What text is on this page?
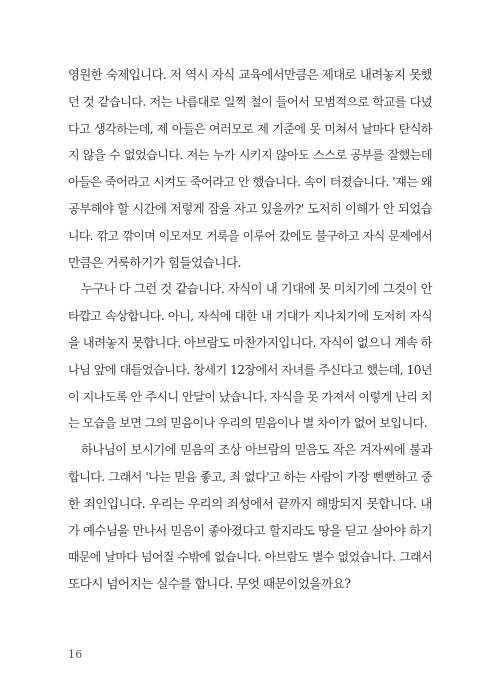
영원한 숙제입니다. 저 역시 자식 교육에서만큼은 제대로 내려놓지 못했
던 것 같습니다. 저는 나름대로 일찍 철이 들어서 모범적으로 학교를 다녔
다고 생각하는데, 제 아들은 여러모로 제 기준에 못 미쳐서 날마다 탄식하
지 않을 수 없었습니다. 저는 누가 시키지 않아도 스스로 공부를 잘했는데
아들은 죽어라고 시켜도 죽어라고 안 했습니다. 속이 터졌습니다. '쟤는 왜
공부해야 할 시간에 저렇게 잠을 자고 있을까?' 도저히 이해가 안 되었습
니다. 깎고 깎이며 이모저모 거룩을 이루어 갔에도 불구하고 자식 문제에서
만큼은 거룩하기가 힘들었습니다.
누구나 다 그런 것 같습니다. 자식이 내 기대에 못 미치기에 그것이 안
타깝고 속상합니다. 아니, 자식에 대한 내 기대가 지나치기에 도저히 자식
을 내려놓지 못합니다. 아브람도 마찬가지입니다. 자식이 없으니 계속 하
나님 앞에 대들었습니다. 창세기 12장에서 자녀를 주신다고 했는데, 10년
이 지나도록 안 주시니 안달이 났습니다. 자식을 못 가져서 이렇게 난리 치
는 모습을 보면 그의 믿음이나 우리의 믿음이나 별 차이가 없어 보입니다.
하나님이 보시기에 믿음의 조상 아브람의 믿음도 작은 겨자씨에 불과
합니다. 그래서 '나는 믿음 좋고, 죄 없다'고 하는 사람이 가장 뻔뻔하고 중
한 죄인입니다. 우리는 우리의 죄성에서 끝까지 해방되지 못합니다. 내
가 예수님을 만나서 믿음이 좋아졌다고 할지라도 땅을 딛고 살아야 하기
때문에 날마다 넘어질 수밖에 없습니다. 아브람도 별수 없었습니다. 그래서
또다시 넘어지는 실수를 합니다. 무엇 때문이었을까요?
16
